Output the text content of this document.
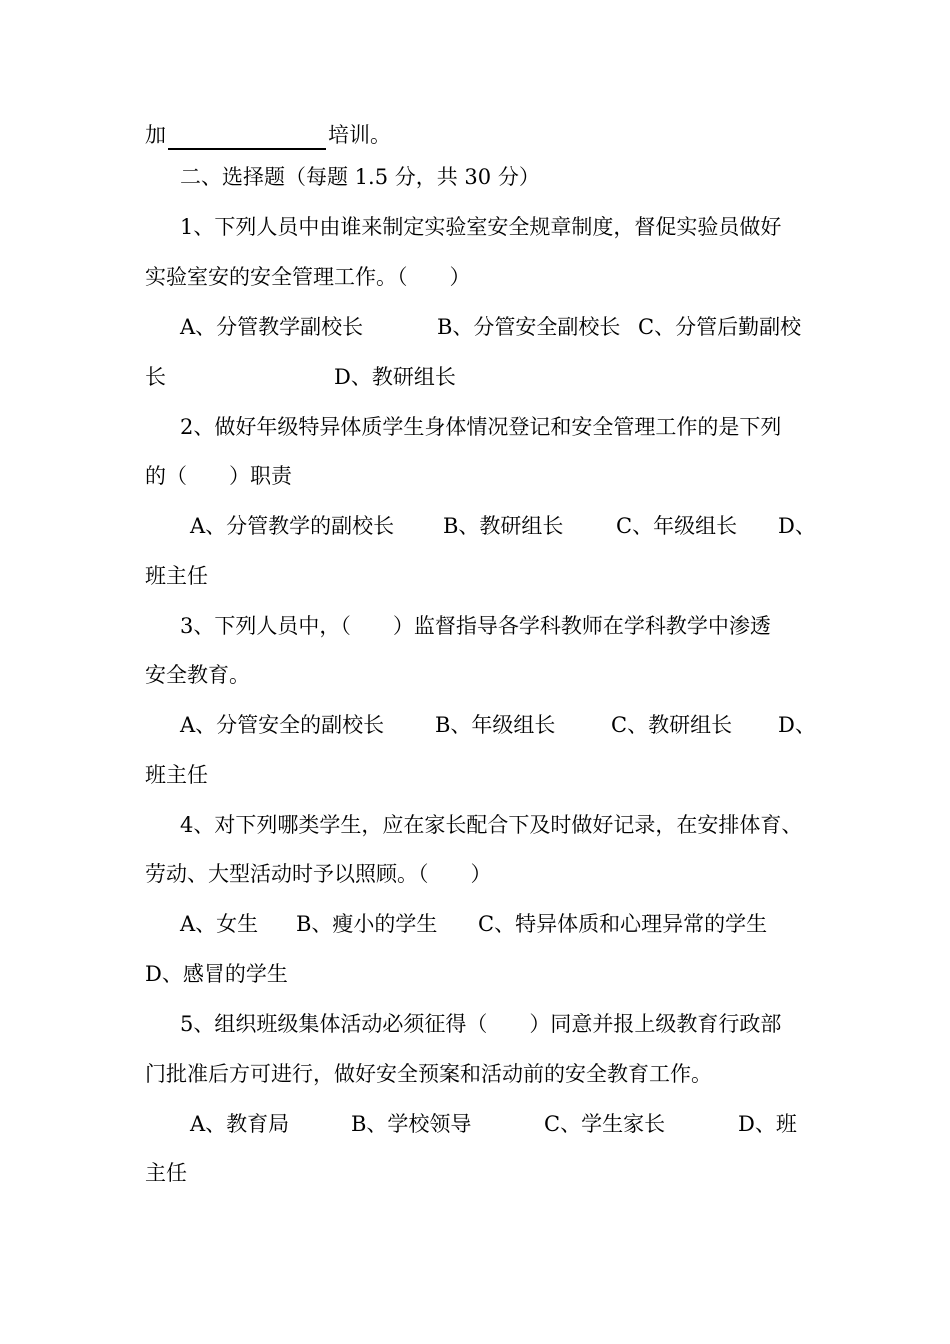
加	培训。
二、选择题（每题 1.5 分，共 30 分）
1、下列人员中由谁来制定实验室安全规章制度，督促实验员做好
实验室安的安全管理工作。（　　）
A、分管教学副校长	B、分管安全副校长 C、分管后勤副校
长	D、教研组长
2、做好年级特异体质学生身体情况登记和安全管理工作的是下列
的（　　）职责
A、分管教学的副校长 B、教研组长	C、年级组长 D、
班主任
3、下列人员中，（　　）监督指导各学科教师在学科教学中渗透
安全教育。
A、分管安全的副校长 B、年级组长	C、教研组长 D、
班主任
4、对下列哪类学生，应在家长配合下及时做好记录，在安排体育、
劳动、大型活动时予以照顾。（　　）
A、女生 B、瘦小的学生 C、特异体质和心理异常的学生
D、感冒的学生
5、组织班级集体活动必须征得（　　）同意并报上级教育行政部
门批准后方可进行，做好安全预案和活动前的安全教育工作。
A、教育局	B、学校领导	C、学生家长	D、班
主任
